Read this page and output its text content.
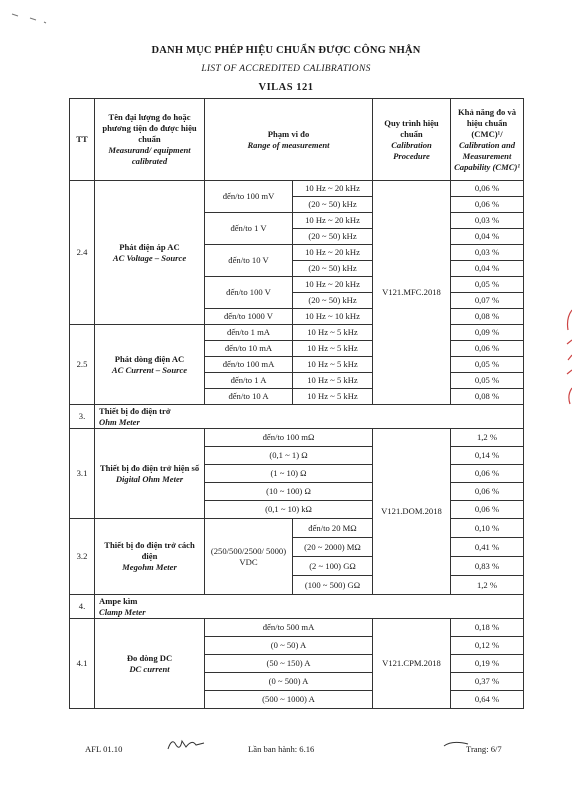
DANH MỤC PHÉP HIỆU CHUẨN ĐƯỢC CÔNG NHẬN
LIST OF ACCREDITED CALIBRATIONS
VILAS 121
TT	Tên đại lượng đo hoặc phương tiện đo được hiệu chuẩn
Measurand/ equipment calibrated	Phạm vi đo
Range of measurement		Quy trình hiệu chuẩn
Calibration Procedure	Khả năng đo và hiệu chuẩn (CMC)¹/
Calibration and Measurement Capability (CMC)¹
2.4	Phát điện áp AC
AC Voltage – Source	đến/to 100 mV	10 Hz ~ 20 kHz	V121.MFC.2018	0,06 %
			(20 ~ 50) kHz		0,06 %
		đến/to 1 V	10 Hz ~ 20 kHz		0,03 %
			(20 ~ 50) kHz		0,04 %
		đến/to 10 V	10 Hz ~ 20 kHz		0,03 %
			(20 ~ 50) kHz		0,04 %
		đến/to 100 V	10 Hz ~ 20 kHz		0,05 %
			(20 ~ 50) kHz		0,07 %
		đến/to 1000 V	10 Hz ~ 10 kHz		0,08 %
2.5	Phát dòng điện AC
AC Current – Source	đến/to 1 mA	10 Hz ~ 5 kHz		0,09 %
		đến/to 10 mA	10 Hz ~ 5 kHz		0,06 %
		đến/to 100 mA	10 Hz ~ 5 kHz		0,05 %
		đến/to 1 A	10 Hz ~ 5 kHz		0,05 %
		đến/to 10 A	10 Hz ~ 5 kHz		0,08 %
3.	Thiết bị đo điện trở
Ohm Meter				
3.1	Thiết bị đo điện trở hiện số
Digital Ohm Meter	đến/to 100 mΩ		V121.DOM.2018	1,2 %
		(0,1 ~ 1) Ω			0,14 %
		(1 ~ 10) Ω			0,06 %
		(10 ~ 100) Ω			0,06 %
		(0,1 ~ 10) kΩ			0,06 %
3.2	Thiết bị đo điện trở cách điện
Megohm Meter	(250/500/2500/ 5000) VDC	đến/to 20 MΩ		0,10 %
			(20 ~ 2000) MΩ		0,41 %
			(2 ~ 100) GΩ		0,83 %
			(100 ~ 500) GΩ		1,2 %
4.	Ampe kìm
Clamp Meter				
4.1	Đo dòng DC
DC current	đến/to 500 mA		V121.CPM.2018	0,18 %
		(0 ~ 50) A			0,12 %
		(50 ~ 150) A			0,19 %
		(0 ~ 500) A			0,37 %
		(500 ~ 1000) A			0,64 %
AFL 01.10	Lần ban hành: 6.16	Trang: 6/7
